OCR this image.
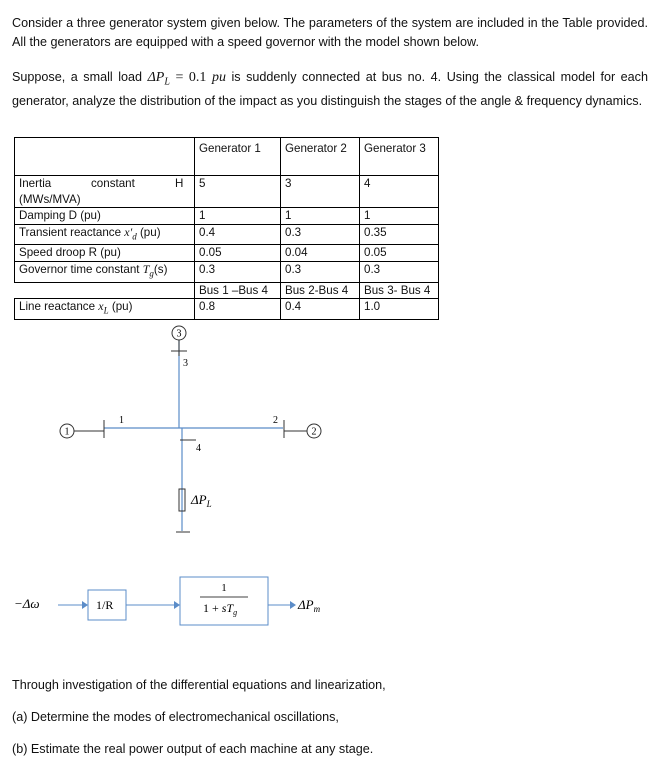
Consider a three generator system given below. The parameters of the system are included in the Table provided. All the generators are equipped with a speed governor with the model shown below.
Suppose, a small load $\Delta P_L = 0.1$ pu is suddenly connected at bus no. 4. Using the classical model for each generator, analyze the distribution of the impact as you distinguish the stages of the angle & frequency dynamics.
	Generator 1	Generator 2	Generator 3

Inertia constant H
(MWs/MVA)	5	3	4
Damping D (pu)	1	1	1
Transient reactance $x'_d$ (pu)	0.4	0.3	0.35
Speed droop R (pu)	0.05	0.04	0.05
Governor time constant $T_g(s)$	0.3	0.3	0.3
	Bus 1 –Bus 4	Bus 2-Bus 4	Bus 3- Bus 4
Line reactance $x_L$ (pu)	0.8	0.4	1.0
1	2
3
1	2
3
4
$\Delta P_L$
−Δω	1/R
1
$1 + sT_g$
$\Delta P_m$
Through investigation of the differential equations and linearization,
(a) Determine the modes of electromechanical oscillations,
(b) Estimate the real power output of each machine at any stage.
